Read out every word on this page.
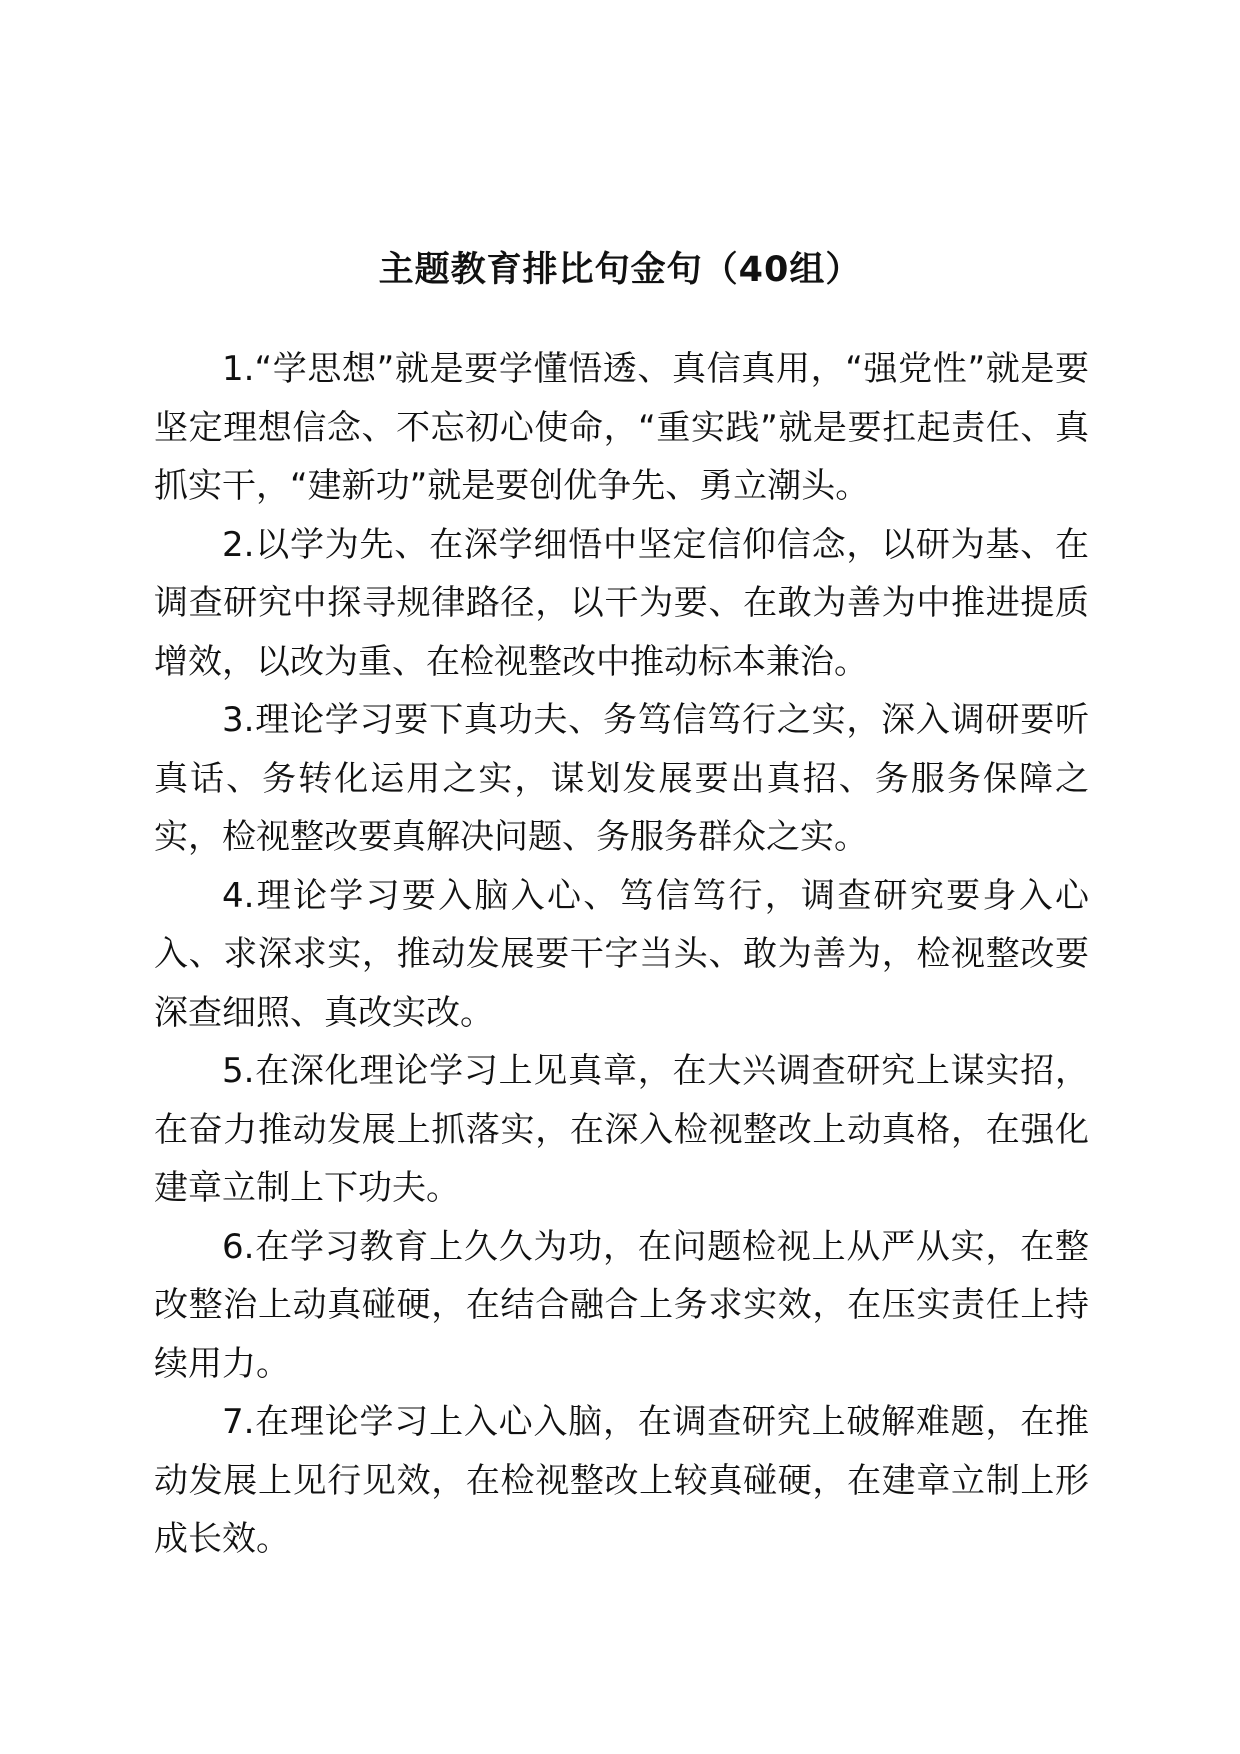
主题教育排比句金句（40组）

1.“学思想”就是要学懂悟透、真信真用，“强党性”就是要坚定理想信念、不忘初心使命，“重实践”就是要扛起责任、真抓实干，“建新功”就是要创优争先、勇立潮头。

2.以学为先、在深学细悟中坚定信仰信念，以研为基、在调查研究中探寻规律路径，以干为要、在敢为善为中推进提质增效，以改为重、在检视整改中推动标本兼治。

3.理论学习要下真功夫、务笃信笃行之实，深入调研要听真话、务转化运用之实，谋划发展要出真招、务服务保障之实，检视整改要真解决问题、务服务群众之实。

4.理论学习要入脑入心、笃信笃行，调查研究要身入心入、求深求实，推动发展要干字当头、敢为善为，检视整改要深查细照、真改实改。

5.在深化理论学习上见真章，在大兴调查研究上谋实招，在奋力推动发展上抓落实，在深入检视整改上动真格，在强化建章立制上下功夫。

6.在学习教育上久久为功，在问题检视上从严从实，在整改整治上动真碰硬，在结合融合上务求实效，在压实责任上持续用力。

7.在理论学习上入心入脑，在调查研究上破解难题，在推动发展上见行见效，在检视整改上较真碰硬，在建章立制上形成长效。
